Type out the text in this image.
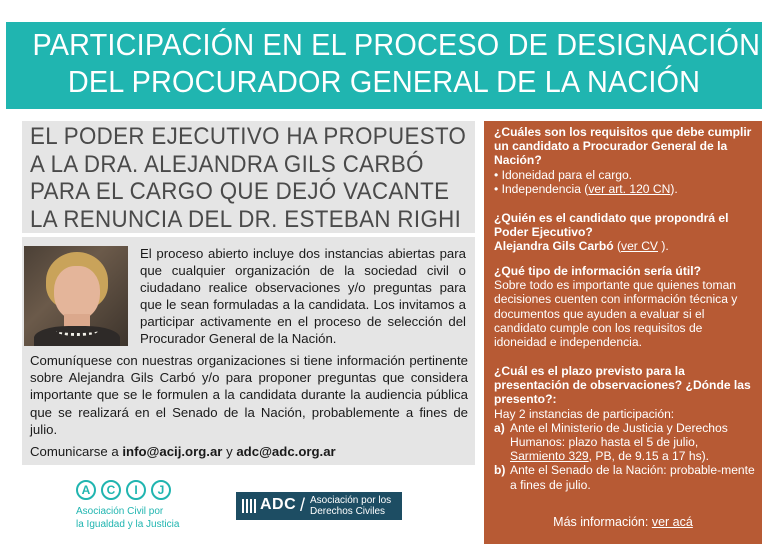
PARTICIPACIÓN EN EL PROCESO DE DESIGNACIÓN
DEL PROCURADOR GENERAL DE LA NACIÓN
EL PODER EJECUTIVO HA PROPUESTO
A LA DRA. ALEJANDRA GILS CARBÓ
PARA EL CARGO QUE DEJÓ VACANTE
LA RENUNCIA DEL DR. ESTEBAN RIGHI
El proceso abierto incluye dos instancias abiertas para que cualquier organización de la sociedad civil o ciudadano realice observaciones y/o preguntas para que le sean formuladas a la candidata. Los invitamos a participar activamente en el proceso de selección del Procurador General de la Nación.
Comuníquese con nuestras organizaciones si tiene información pertinente sobre Alejandra Gils Carbó y/o para proponer preguntas que considera importante que se le formulen a la candidata durante la audiencia pública que se realizará en el Senado de la Nación, probablemente a fines de julio.
Comunicarse a info@acij.org.ar y adc@adc.org.ar
A	C	I	J
Asociación Civil por
la Igualdad y la Justicia
ADC / Asociación por los
Derechos Civiles
¿Cuáles son los requisitos que debe cumplir un candidato a Procurador General de la Nación?
• Idoneidad para el cargo.
• Independencia (ver art. 120 CN).
¿Quién es el candidato que propondrá el Poder Ejecutivo?
Alejandra Gils Carbó (ver CV ).
¿Qué tipo de información sería útil?
Sobre todo es importante que quienes toman decisiones cuenten con información técnica y documentos que ayuden a evaluar si el candidato cumple con los requisitos de idoneidad e independencia.
¿Cuál es el plazo previsto para la presentación de observaciones? ¿Dónde las presento?:
Hay 2 instancias de participación:
a) Ante el Ministerio de Justicia y Derechos Humanos: plazo hasta el 5 de julio, Sarmiento 329, PB, de 9.15 a 17 hs).
b) Ante el Senado de la Nación: probable-mente a fines de julio.
Más información: ver acá
